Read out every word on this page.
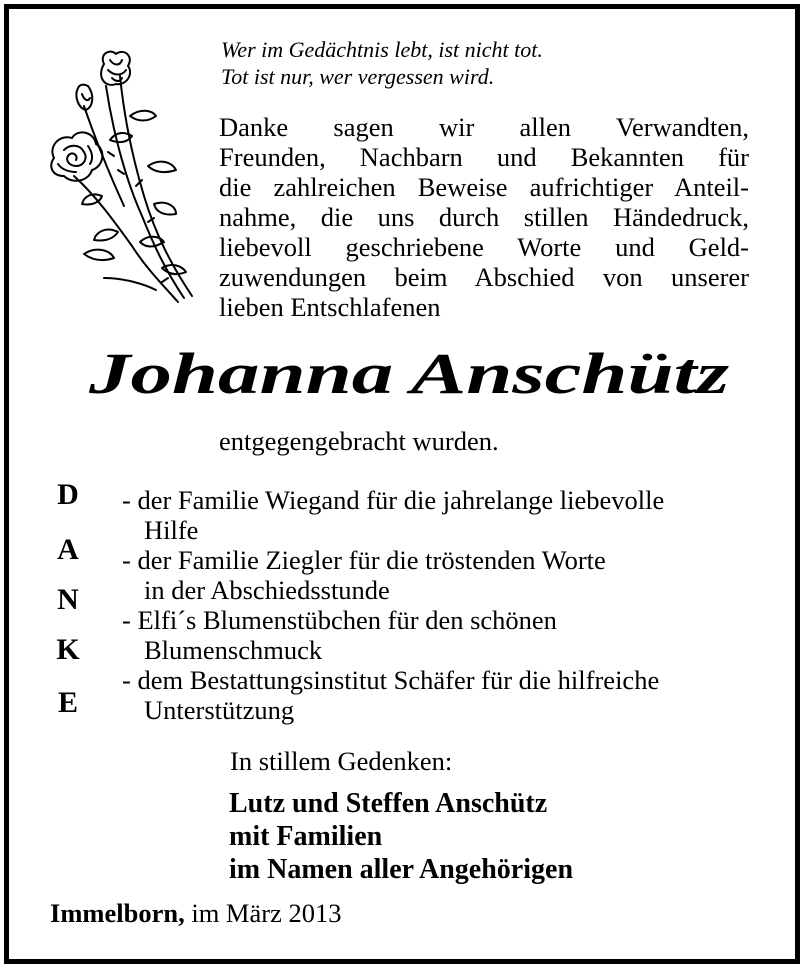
Wer im Gedächtnis lebt, ist nicht tot.
Tot ist nur, wer vergessen wird.
Danke sagen wir allen Verwandten,
Freunden, Nachbarn und Bekannten für
die zahlreichen Beweise aufrichtiger Anteil-
nahme, die uns durch stillen Händedruck,
liebevoll geschriebene Worte und Geld-
zuwendungen beim Abschied von unserer
lieben Entschlafenen
Johanna Anschütz
entgegengebracht wurden.
D
A
N
K
E
- der Familie Wiegand für die jahrelange liebevolle
Hilfe
- der Familie Ziegler für die tröstenden Worte
in der Abschiedsstunde
- Elfi´s Blumenstübchen für den schönen
Blumenschmuck
- dem Bestattungsinstitut Schäfer für die hilfreiche
Unterstützung
In stillem Gedenken:
Lutz und Steffen Anschütz
mit Familien
im Namen aller Angehörigen
Immelborn, im März 2013
